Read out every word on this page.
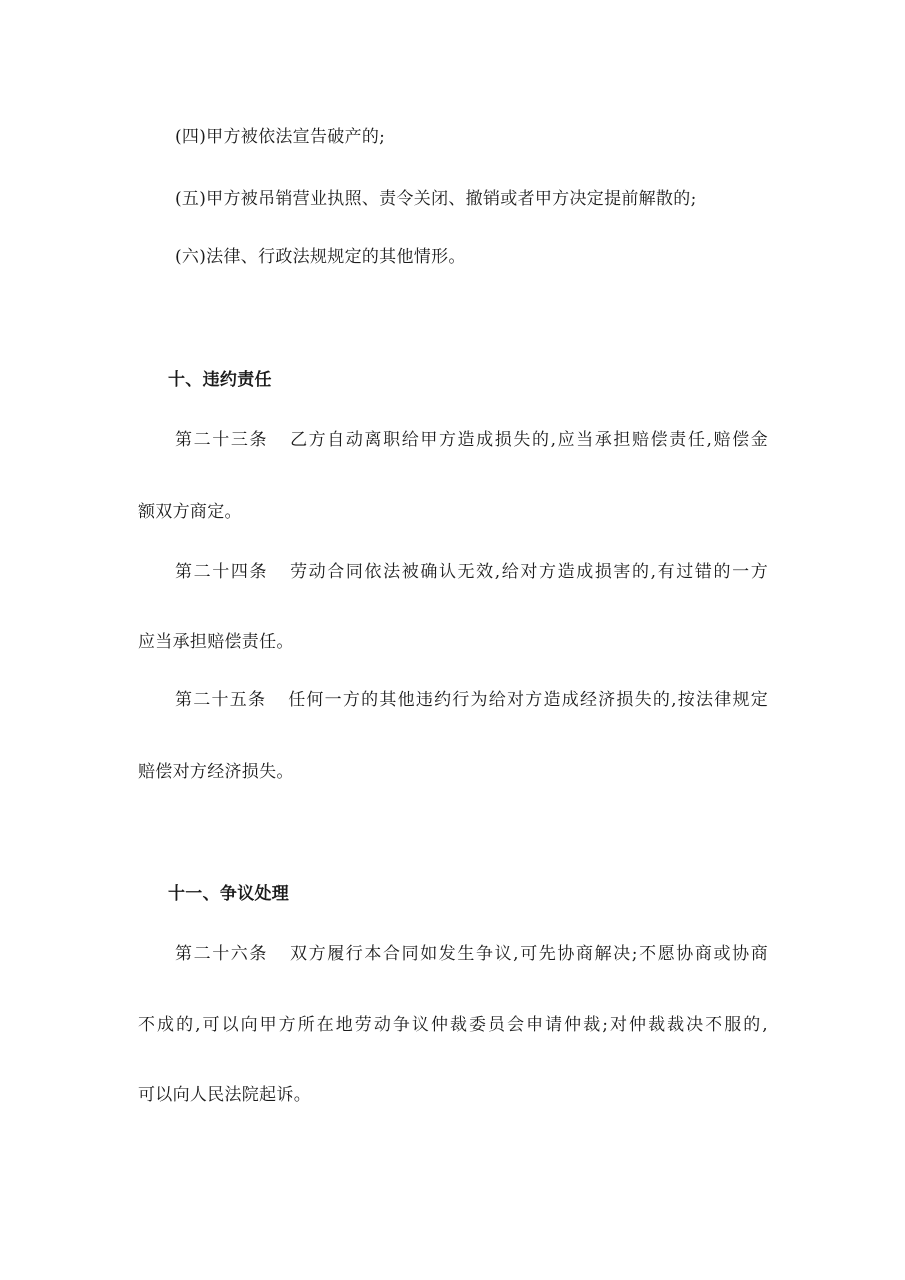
(四)甲方被依法宣告破产的;
(五)甲方被吊销营业执照、责令关闭、撤销或者甲方决定提前解散的;
(六)法律、行政法规规定的其他情形。
十、违约责任
第二十三条 乙方自动离职给甲方造成损失的,应当承担赔偿责任,赔偿金
额双方商定。
第二十四条 劳动合同依法被确认无效,给对方造成损害的,有过错的一方
应当承担赔偿责任。
第二十五条 任何一方的其他违约行为给对方造成经济损失的,按法律规定
赔偿对方经济损失。
十一、争议处理
第二十六条 双方履行本合同如发生争议,可先协商解决;不愿协商或协商
不成的,可以向甲方所在地劳动争议仲裁委员会申请仲裁;对仲裁裁决不服的,
可以向人民法院起诉。
